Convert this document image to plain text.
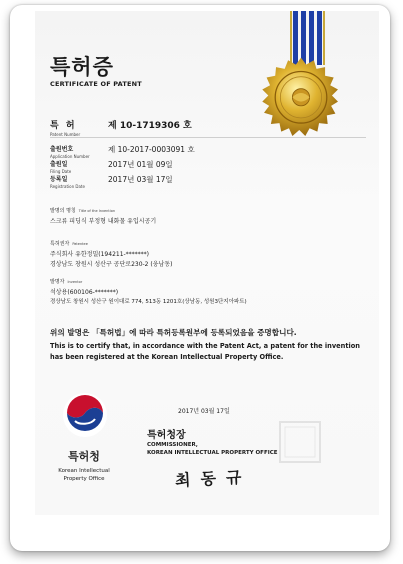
특허증
CERTIFICATE OF PATENT
특 허
Patent Number
제 10-1719306 호
출원번호
Application Number
제 10-2017-0003091 호
출원일
Filing Date
2017년 01월 09일
등록일
Registration Date
2017년 03월 17일
발명의 명칭 Title of the Invention
스크류 피딩식 부정형 내화물 유입시공기
특허권자 Patentee
주식회사 유한정밀(194211-*******)
경상남도 창원시 성산구 공단로230-2 (웅남동)
발명자 Inventor
석상용(600106-*******)
경상남도 창원시 성산구 원이대로 774, 513동 1201호(상남동, 성원3단지아파트)
위의 발명은 「특허법」에 따라 특허등록원부에 등록되었음을 증명합니다.
This is to certify that, in accordance with the Patent Act, a patent for the invention has been registered at the Korean Intellectual Property Office.
특허청
Korean Intellectual
Property Office
2017년 03월 17일
특허청장
COMMISSIONER,
KOREAN INTELLECTUAL PROPERTY OFFICE
최동규
